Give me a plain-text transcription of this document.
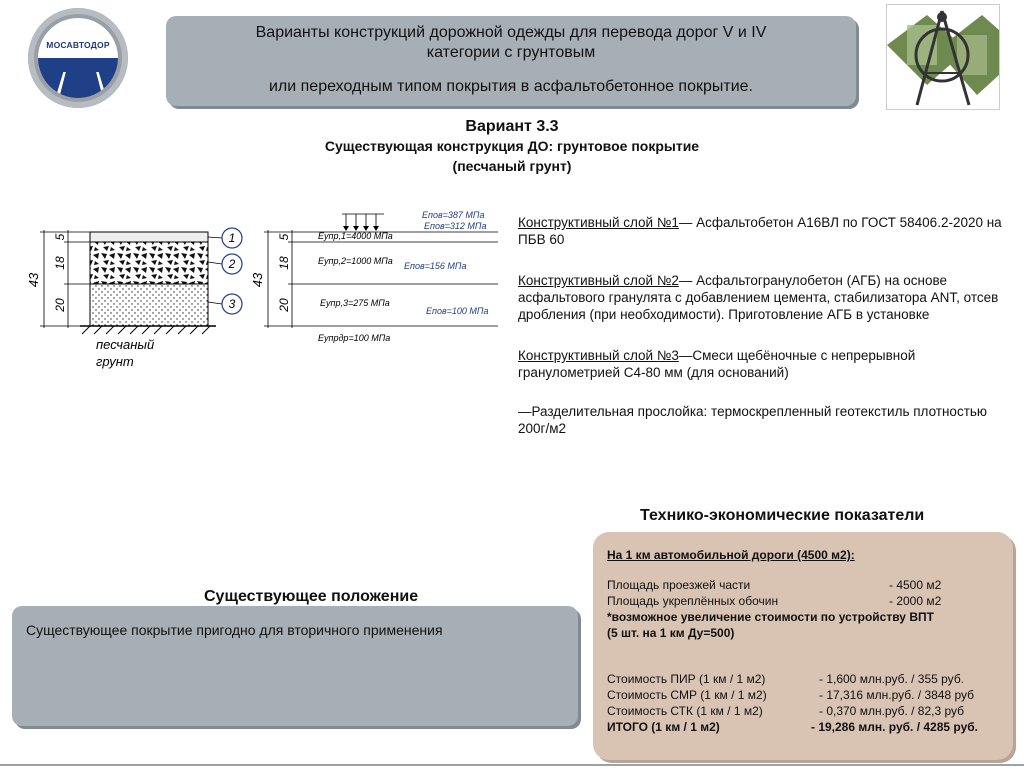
МОСАВТОДОР
Варианты конструкций дорожной одежды для перевода дорог V и IV
категории с грунтовым
или переходным типом покрытия в асфальтобетонное покрытие.
Вариант 3.3
Существующая конструкция ДО: грунтовое покрытие
(песчаный грунт)
43
5
18
20
1
2
3
песчаный
грунт
43
5
18
20
Еупр,1=4000 МПа
Еупр,2=1000 МПа
Еупр,3=275 МПа
Еупрдр=100 МПа
Епов=387 МПа
Епов=312 МПа
Епов=156 МПа
Епов=100 МПа
Конструктивный слой №1— Асфальтобетон А16ВЛ по ГОСТ 58406.2-2020 на ПБВ 60
Конструктивный слой №2— Асфальтогранулобетон (АГБ) на основе асфальтового гранулята с добавлением цемента, стабилизатора ANT, отсев дробления (при необходимости). Приготовление АГБ в установке
Конструктивный слой №3—Смеси щебёночные с непрерывной гранулометрией С4-80 мм (для оснований)
—Разделительная прослойка: термоскрепленный геотекстиль плотностью 200г/м2
Технико-экономические показатели
На 1 км автомобильной дороги (4500 м2):
Площадь проезжей части	- 4500 м2
Площадь укреплённых обочин	- 2000 м2
*возможное увеличение стоимости по устройству ВПТ
(5 шт. на 1 км Ду=500)
Стоимость ПИР (1 км / 1 м2)	- 1,600 млн.руб. / 355 руб.
Стоимость СМР (1 км / 1 м2)	- 17,316 млн.руб. / 3848 руб
Стоимость СТК (1 км / 1 м2)	- 0,370 млн.руб. / 82,3 руб
ИТОГО (1 км / 1 м2)	- 19,286 млн. руб. / 4285 руб.
Существующее положение
Существующее покрытие пригодно для вторичного применения
